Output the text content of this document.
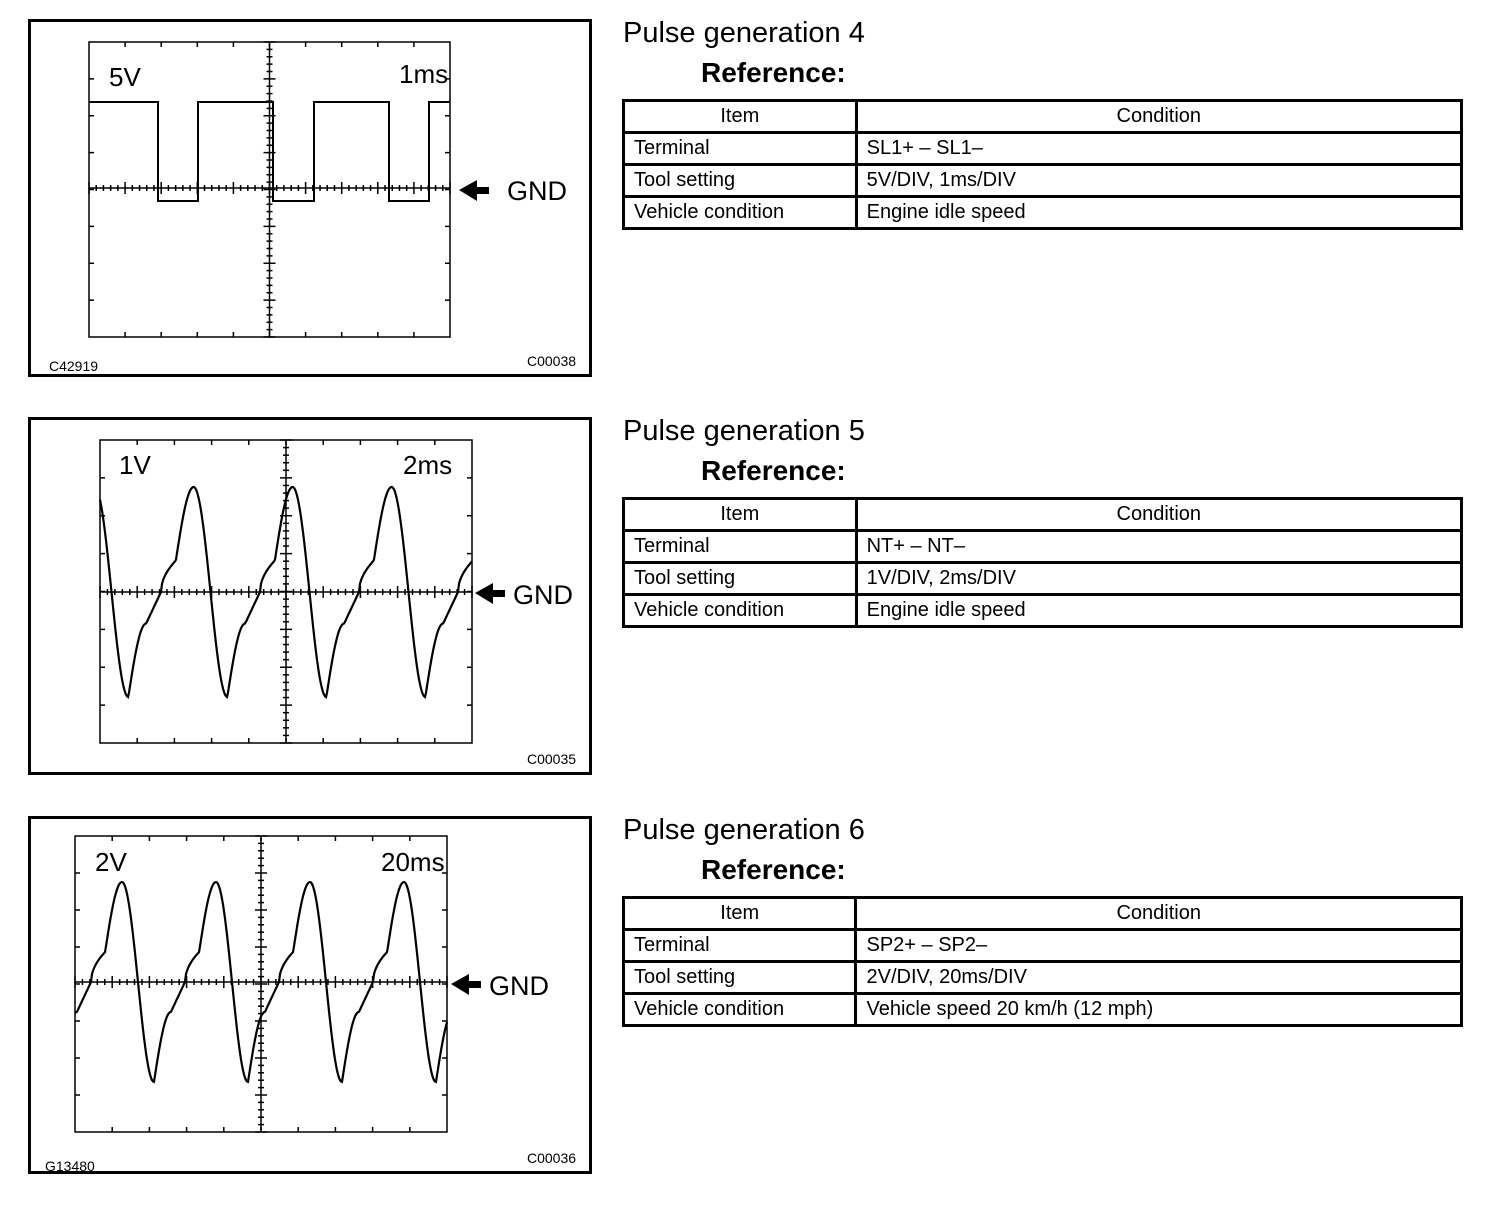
5V	1ms
GND
C42919	C00038
Pulse generation 4
Reference:
Item	Condition
Terminal	SL1+ – SL1–
Tool setting	5V/DIV, 1ms/DIV
Vehicle condition	Engine idle speed
1V	2ms
GND
C00035
Pulse generation 5
Reference:
Item	Condition
Terminal	NT+ – NT–
Tool setting	1V/DIV, 2ms/DIV
Vehicle condition	Engine idle speed
2V	20ms
GND
G13480	C00036
Pulse generation 6
Reference:
Item	Condition
Terminal	SP2+ – SP2–
Tool setting	2V/DIV, 20ms/DIV
Vehicle condition	Vehicle speed 20 km/h (12 mph)
